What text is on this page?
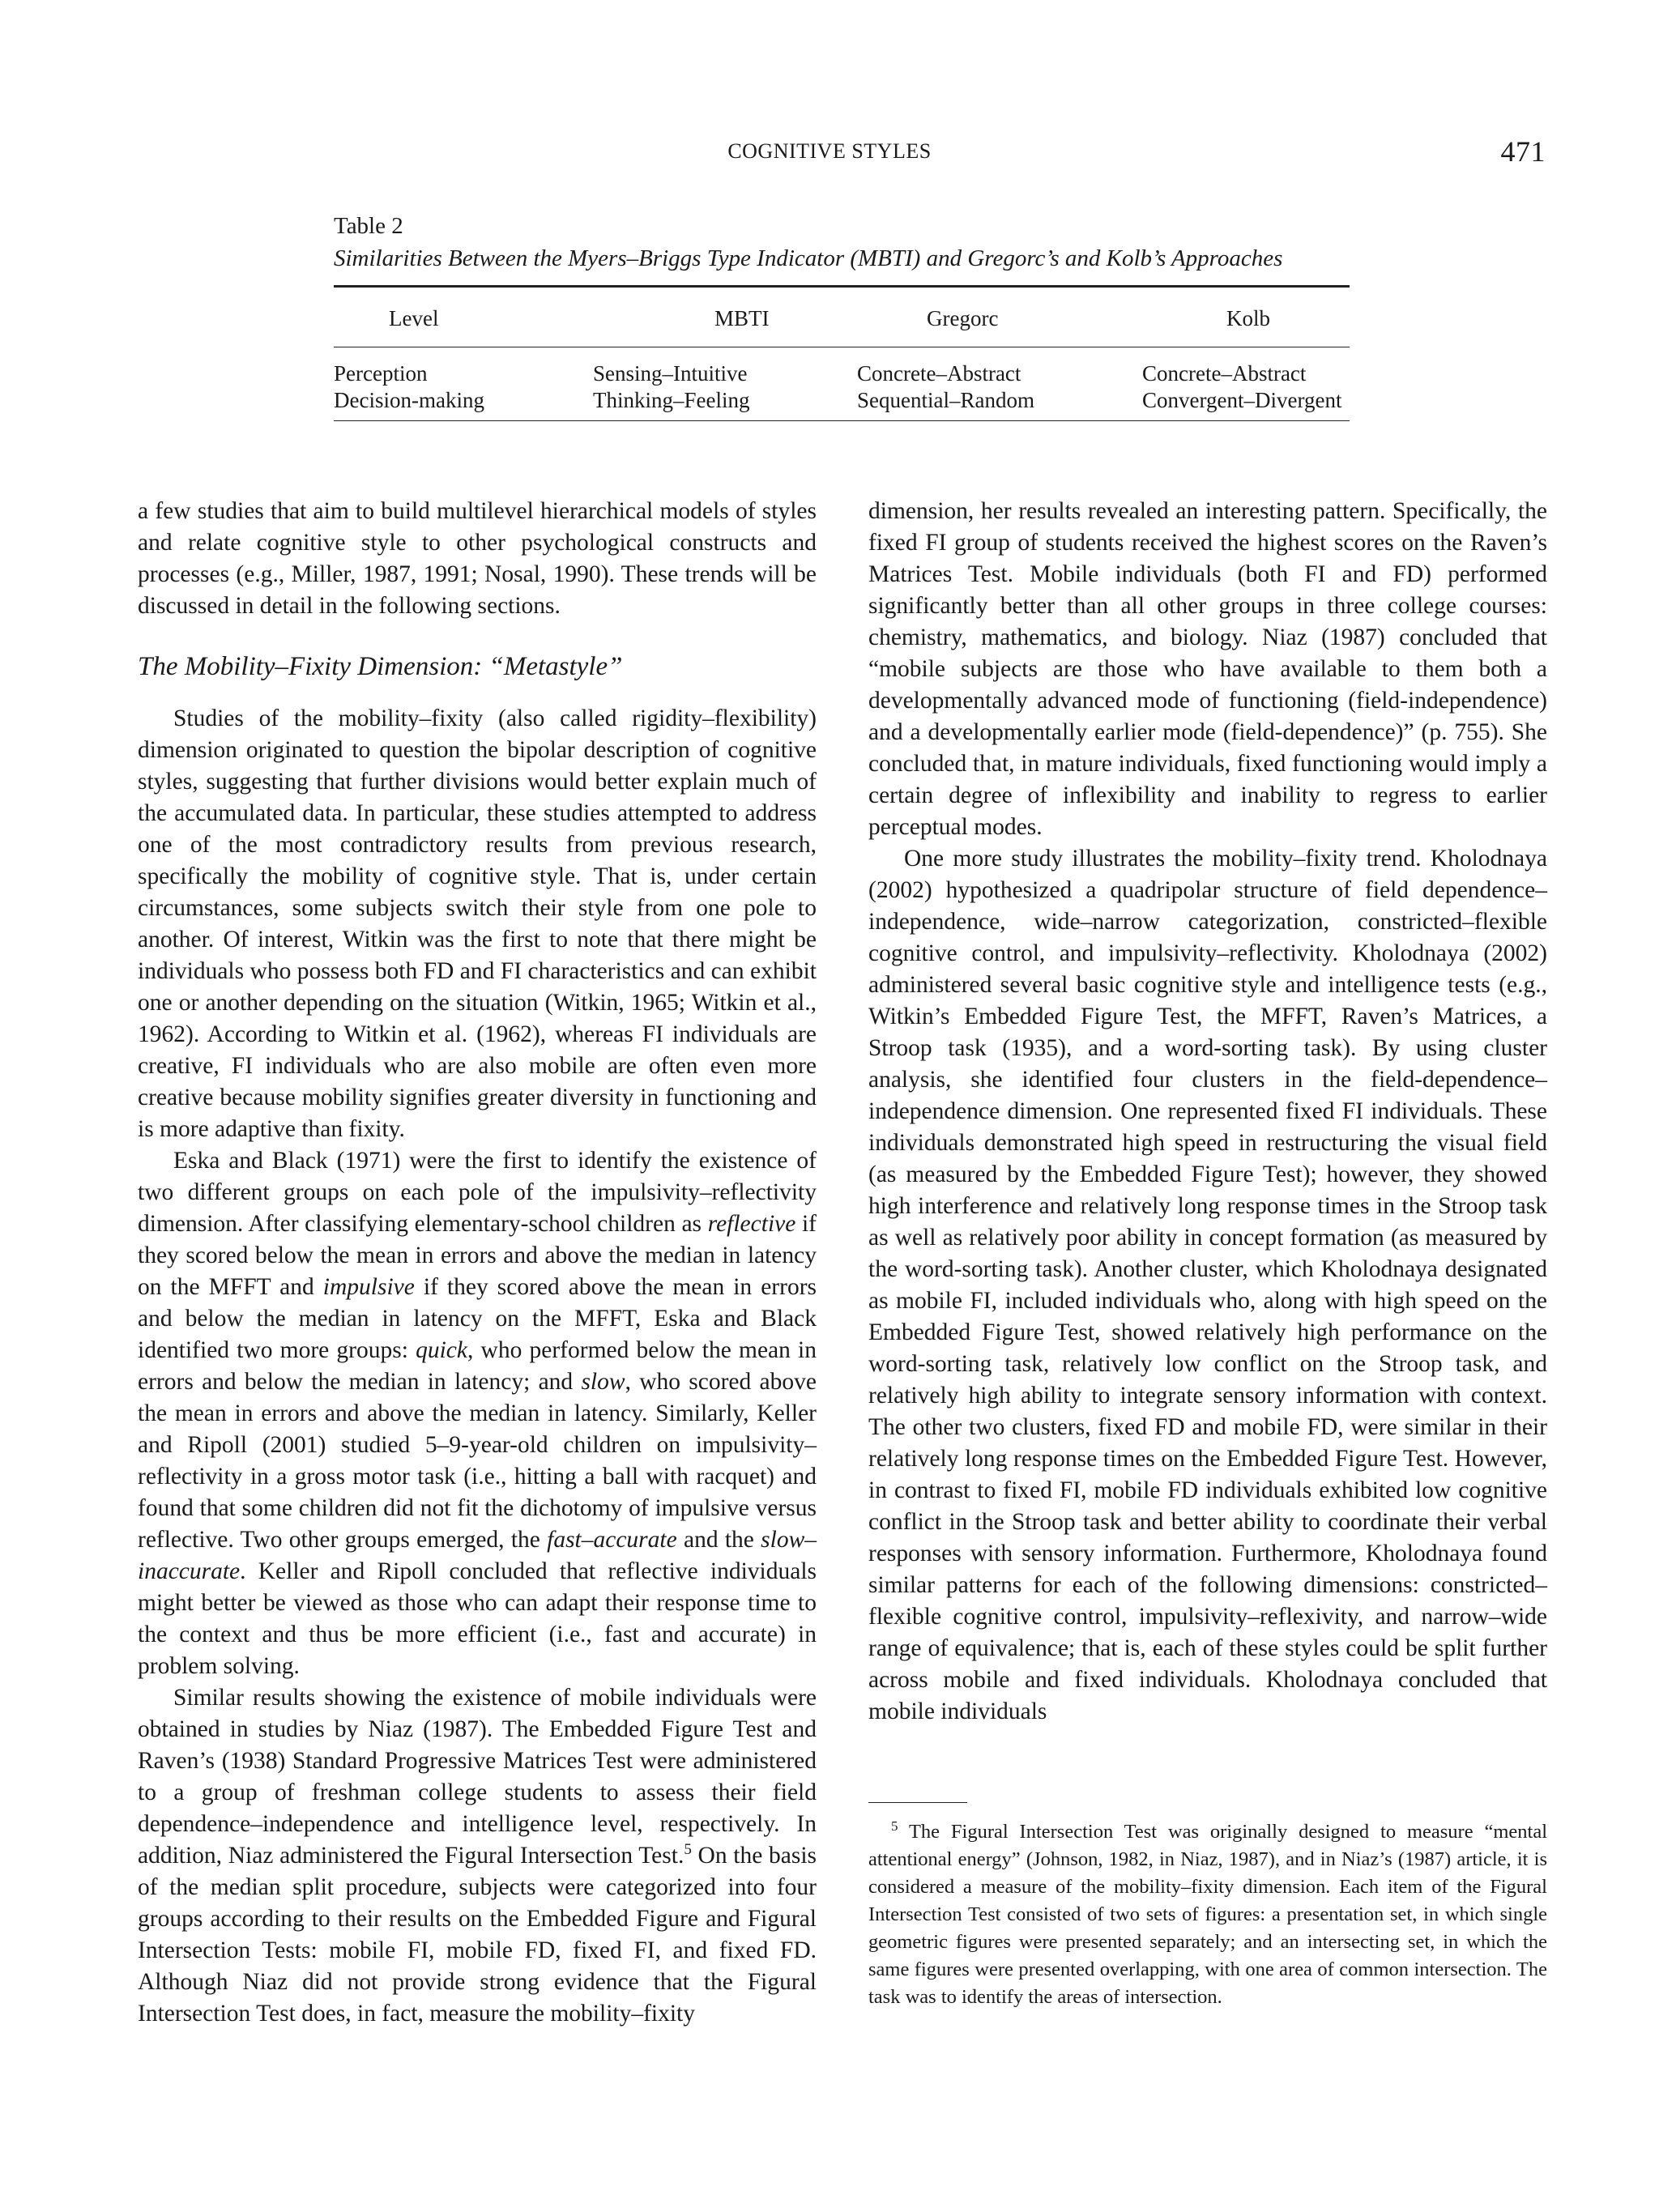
COGNITIVE STYLES	471
Table 2
Similarities Between the Myers–Briggs Type Indicator (MBTI) and Gregorc’s and Kolb’s Approaches
Level	MBTI	Gregorc	Kolb
Perception	Sensing–Intuitive	Concrete–Abstract	Concrete–Abstract
Decision-making	Thinking–Feeling	Sequential–Random	Convergent–Divergent

a few studies that aim to build multilevel hierarchical models of styles and relate cognitive style to other psychological constructs and processes (e.g., Miller, 1987, 1991; Nosal, 1990). These trends will be discussed in detail in the following sections.

The Mobility–Fixity Dimension: “Metastyle”

Studies of the mobility–fixity (also called rigidity–flexibility) dimension originated to question the bipolar description of cognitive styles, suggesting that further divisions would better explain much of the accumulated data. In particular, these studies attempted to address one of the most contradictory results from previous research, specifically the mobility of cognitive style. That is, under certain circumstances, some subjects switch their style from one pole to another. Of interest, Witkin was the first to note that there might be individuals who possess both FD and FI characteristics and can exhibit one or another depending on the situation (Witkin, 1965; Witkin et al., 1962). According to Witkin et al. (1962), whereas FI individuals are creative, FI individuals who are also mobile are often even more creative because mobility signifies greater diversity in functioning and is more adaptive than fixity.

Eska and Black (1971) were the first to identify the existence of two different groups on each pole of the impulsivity–reflectivity dimension. After classifying elementary-school children as reflective if they scored below the mean in errors and above the median in latency on the MFFT and impulsive if they scored above the mean in errors and below the median in latency on the MFFT, Eska and Black identified two more groups: quick, who performed below the mean in errors and below the median in latency; and slow, who scored above the mean in errors and above the median in latency. Similarly, Keller and Ripoll (2001) studied 5–9-year-old children on impulsivity–reflectivity in a gross motor task (i.e., hitting a ball with racquet) and found that some children did not fit the dichotomy of impulsive versus reflective. Two other groups emerged, the fast–accurate and the slow–inaccurate. Keller and Ripoll concluded that reflective individuals might better be viewed as those who can adapt their response time to the context and thus be more efficient (i.e., fast and accurate) in problem solving.

Similar results showing the existence of mobile individuals were obtained in studies by Niaz (1987). The Embedded Figure Test and Raven’s (1938) Standard Progressive Matrices Test were administered to a group of freshman college students to assess their field dependence–independence and intelligence level, respectively. In addition, Niaz administered the Figural Intersection Test.$^5$ On the basis of the median split procedure, subjects were categorized into four groups according to their results on the Embedded Figure and Figural Intersection Tests: mobile FI, mobile FD, fixed FI, and fixed FD. Although Niaz did not provide strong evidence that the Figural Intersection Test does, in fact, measure the mobility–fixity

dimension, her results revealed an interesting pattern. Specifically, the fixed FI group of students received the highest scores on the Raven’s Matrices Test. Mobile individuals (both FI and FD) performed significantly better than all other groups in three college courses: chemistry, mathematics, and biology. Niaz (1987) concluded that “mobile subjects are those who have available to them both a developmentally advanced mode of functioning (field-independence) and a developmentally earlier mode (field-dependence)” (p. 755). She concluded that, in mature individuals, fixed functioning would imply a certain degree of inflexibility and inability to regress to earlier perceptual modes.

One more study illustrates the mobility–fixity trend. Kholodnaya (2002) hypothesized a quadripolar structure of field dependence–independence, wide–narrow categorization, constricted–flexible cognitive control, and impulsivity–reflectivity. Kholodnaya (2002) administered several basic cognitive style and intelligence tests (e.g., Witkin’s Embedded Figure Test, the MFFT, Raven’s Matrices, a Stroop task (1935), and a word-sorting task). By using cluster analysis, she identified four clusters in the field-dependence–independence dimension. One represented fixed FI individuals. These individuals demonstrated high speed in restructuring the visual field (as measured by the Embedded Figure Test); however, they showed high interference and relatively long response times in the Stroop task as well as relatively poor ability in concept formation (as measured by the word-sorting task). Another cluster, which Kholodnaya designated as mobile FI, included individuals who, along with high speed on the Embedded Figure Test, showed relatively high performance on the word-sorting task, relatively low conflict on the Stroop task, and relatively high ability to integrate sensory information with context. The other two clusters, fixed FD and mobile FD, were similar in their relatively long response times on the Embedded Figure Test. However, in contrast to fixed FI, mobile FD individuals exhibited low cognitive conflict in the Stroop task and better ability to coordinate their verbal responses with sensory information. Furthermore, Kholodnaya found similar patterns for each of the following dimensions: constricted–flexible cognitive control, impulsivity–reflexivity, and narrow–wide range of equivalence; that is, each of these styles could be split further across mobile and fixed individuals. Kholodnaya concluded that mobile individuals

$^5$ The Figural Intersection Test was originally designed to measure “mental attentional energy” (Johnson, 1982, in Niaz, 1987), and in Niaz’s (1987) article, it is considered a measure of the mobility–fixity dimension. Each item of the Figural Intersection Test consisted of two sets of figures: a presentation set, in which single geometric figures were presented separately; and an intersecting set, in which the same figures were presented overlapping, with one area of common intersection. The task was to identify the areas of intersection.
